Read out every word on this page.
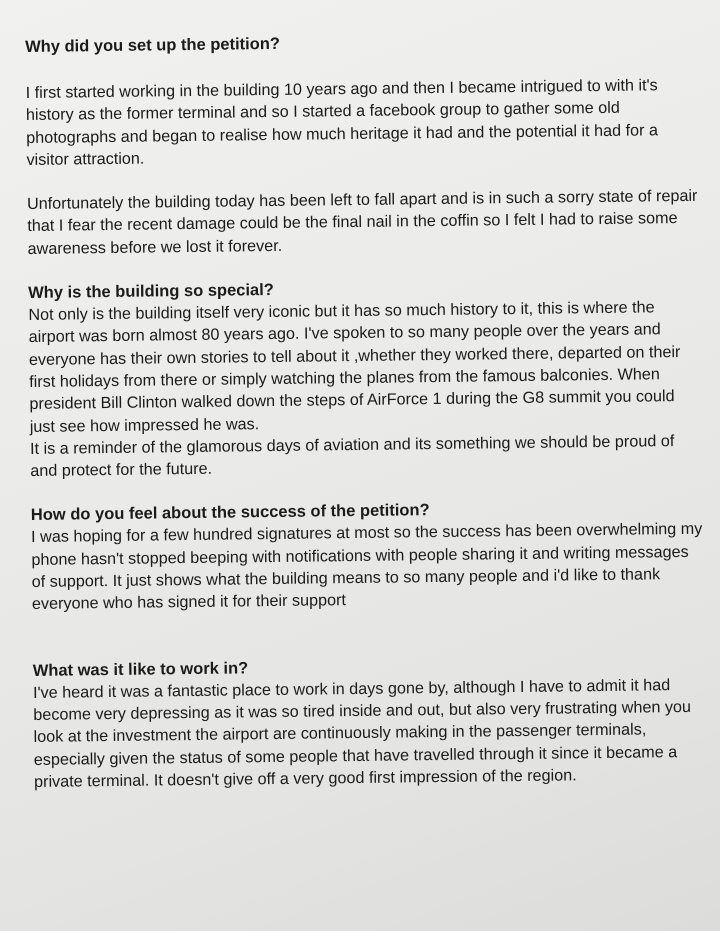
Why did you set up the petition?

I first started working in the building 10 years ago and then I became intrigued to with it's history as the former terminal and so I started a facebook group to gather some old photographs and began to realise how much heritage it had and the potential it had for a visitor attraction.

Unfortunately the building today has been left to fall apart and is in such a sorry state of repair that I fear the recent damage could be the final nail in the coffin so I felt I had to raise some awareness before we lost it forever.

Why is the building so special?

Not only is the building itself very iconic but it has so much history to it, this is where the airport was born almost 80 years ago. I've spoken to so many people over the years and everyone has their own stories to tell about it ,whether they worked there, departed on their first holidays from there or simply watching the planes from the famous balconies. When president Bill Clinton walked down the steps of AirForce 1 during the G8 summit you could just see how impressed he was.

It is a reminder of the glamorous days of aviation and its something we should be proud of and protect for the future.

How do you feel about the success of the petition?

I was hoping for a few hundred signatures at most so the success has been overwhelming my phone hasn't stopped beeping with notifications with people sharing it and writing messages of support. It just shows what the building means to so many people and i'd like to thank everyone who has signed it for their support

What was it like to work in?

I've heard it was a fantastic place to work in days gone by, although I have to admit it had become very depressing as it was so tired inside and out, but also very frustrating when you look at the investment the airport are continuously making in the passenger terminals, especially given the status of some people that have travelled through it since it became a private terminal. It doesn't give off a very good first impression of the region.
